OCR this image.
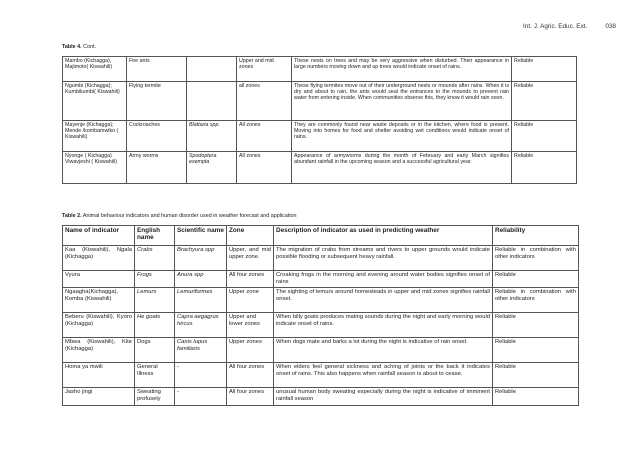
Int. J. Agric. Educ. Ext.	038
Table 4. Cont.
Mambo (Kichagga), Majimoto( Kiswahili)	Fire ants		Upper and mid zones	These nests on trees and may be very aggressive when disturbed. Their appearance in large numbers moving down and up trees would indicate onset of rains.	Reliable
Ngumbi (Kichagga); Kumbikumbi( Kiswahili)	Flying termite		all zones	These flying termites move out of their underground nests or mounds after rains. When it is dry and about to rain, the ants would seal the entrances to the mounds to prevent rain water from entering inside. When communities observe this, they know it would rain soon.	Reliable
Mayenje (Kichagga); Mende /kombamwiko ( Kiswahili)	Cockroaches	Blattaria spp.	All zones	They are commonly found near waste deposits or in the kitchen, where food is present. Moving into homes for food and shelter avoiding wet conditions would indicate onset of rains.	Reliable
Nyonge ( Kichagga) Viwavjeshi ( Kiswahili)	Army worms	Spodoptera exempta	All zones	Appearance of armyworms during the month of February and early March signifies abundant rainfall in the upcoming season and a successful agricultural year.	Reliable
Table 2. Animal behaviour indicators and human disorder used in weather forecast and application
Name of indicator	English name	Scientific name	Zone	Description of indicator as used in predicting weather	Reliability
Kaa (Kiswahili), Ngala (Kichagga)	Crabs	Brachyura spp	Upper, and mid upper zone.	The migration of crabs from streams and rivers to upper grounds would indicate possible flooding or subsequent heavy rainfall.	Reliable in combination with other indicators
Vyura	Frogs	Anura spp	All four zones	Croaking frogs in the morning and evening around water bodies signifies onset of rains	Reliable
Ngaagha(Kichagga), Komba (Kiswahili)	Lemurs	Lemuriformes	Upper zone	The sighting of lemurs around homesteads in upper and mid zones signifies rainfall onset.	Reliable in combination with other indicators
Beberu (Kiswahili), Kyoro (Kichagga)	He goats	Capra aegagrus hircus	Upper and lower zones	When billy goats produces mating sounds during the night and early morning would indicate onset of rains.	Reliable
Mbwa (Kiswahili), Kite (Kichagga)	Dogs	Canis lupus familiaris	Upper zones	When dogs mate and barks a lot during the night is indicative of rain onset.	Reliable
Homa ya mwili	General Illness	-	All four zones	When elders feel general sickness and aching of joints or the back it indicates onset of rains. This also happens when rainfall season is about to cease.	Reliable
Jasho jingi	Sweating profusely	-	All four zones	unusual human body sweating especially during the night is indicative of imminent rainfall season	Reliable
